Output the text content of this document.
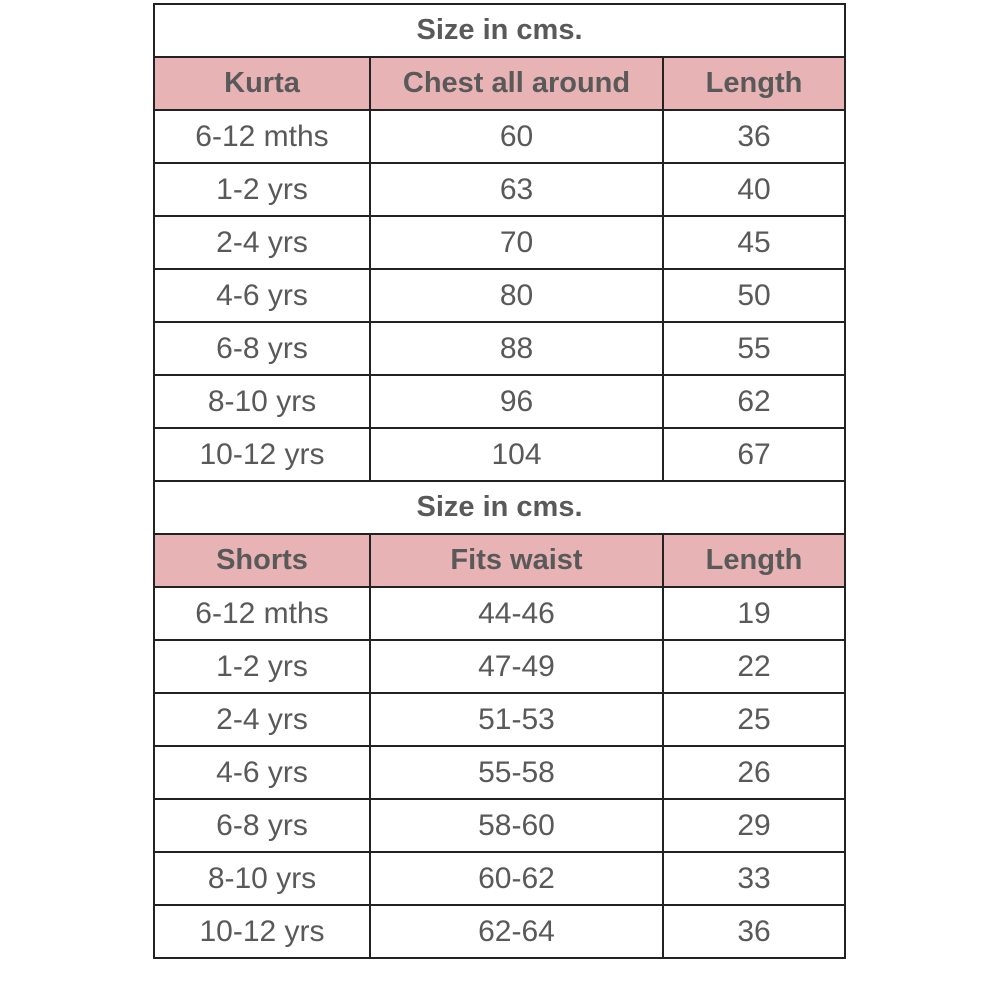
Size in cms.		
Kurta	Chest all around	Length
6-12 mths	60	36
1-2 yrs	63	40
2-4 yrs	70	45
4-6 yrs	80	50
6-8 yrs	88	55
8-10 yrs	96	62
10-12 yrs	104	67
Size in cms.		
Shorts	Fits waist	Length
6-12 mths	44-46	19
1-2 yrs	47-49	22
2-4 yrs	51-53	25
4-6 yrs	55-58	26
6-8 yrs	58-60	29
8-10 yrs	60-62	33
10-12 yrs	62-64	36
